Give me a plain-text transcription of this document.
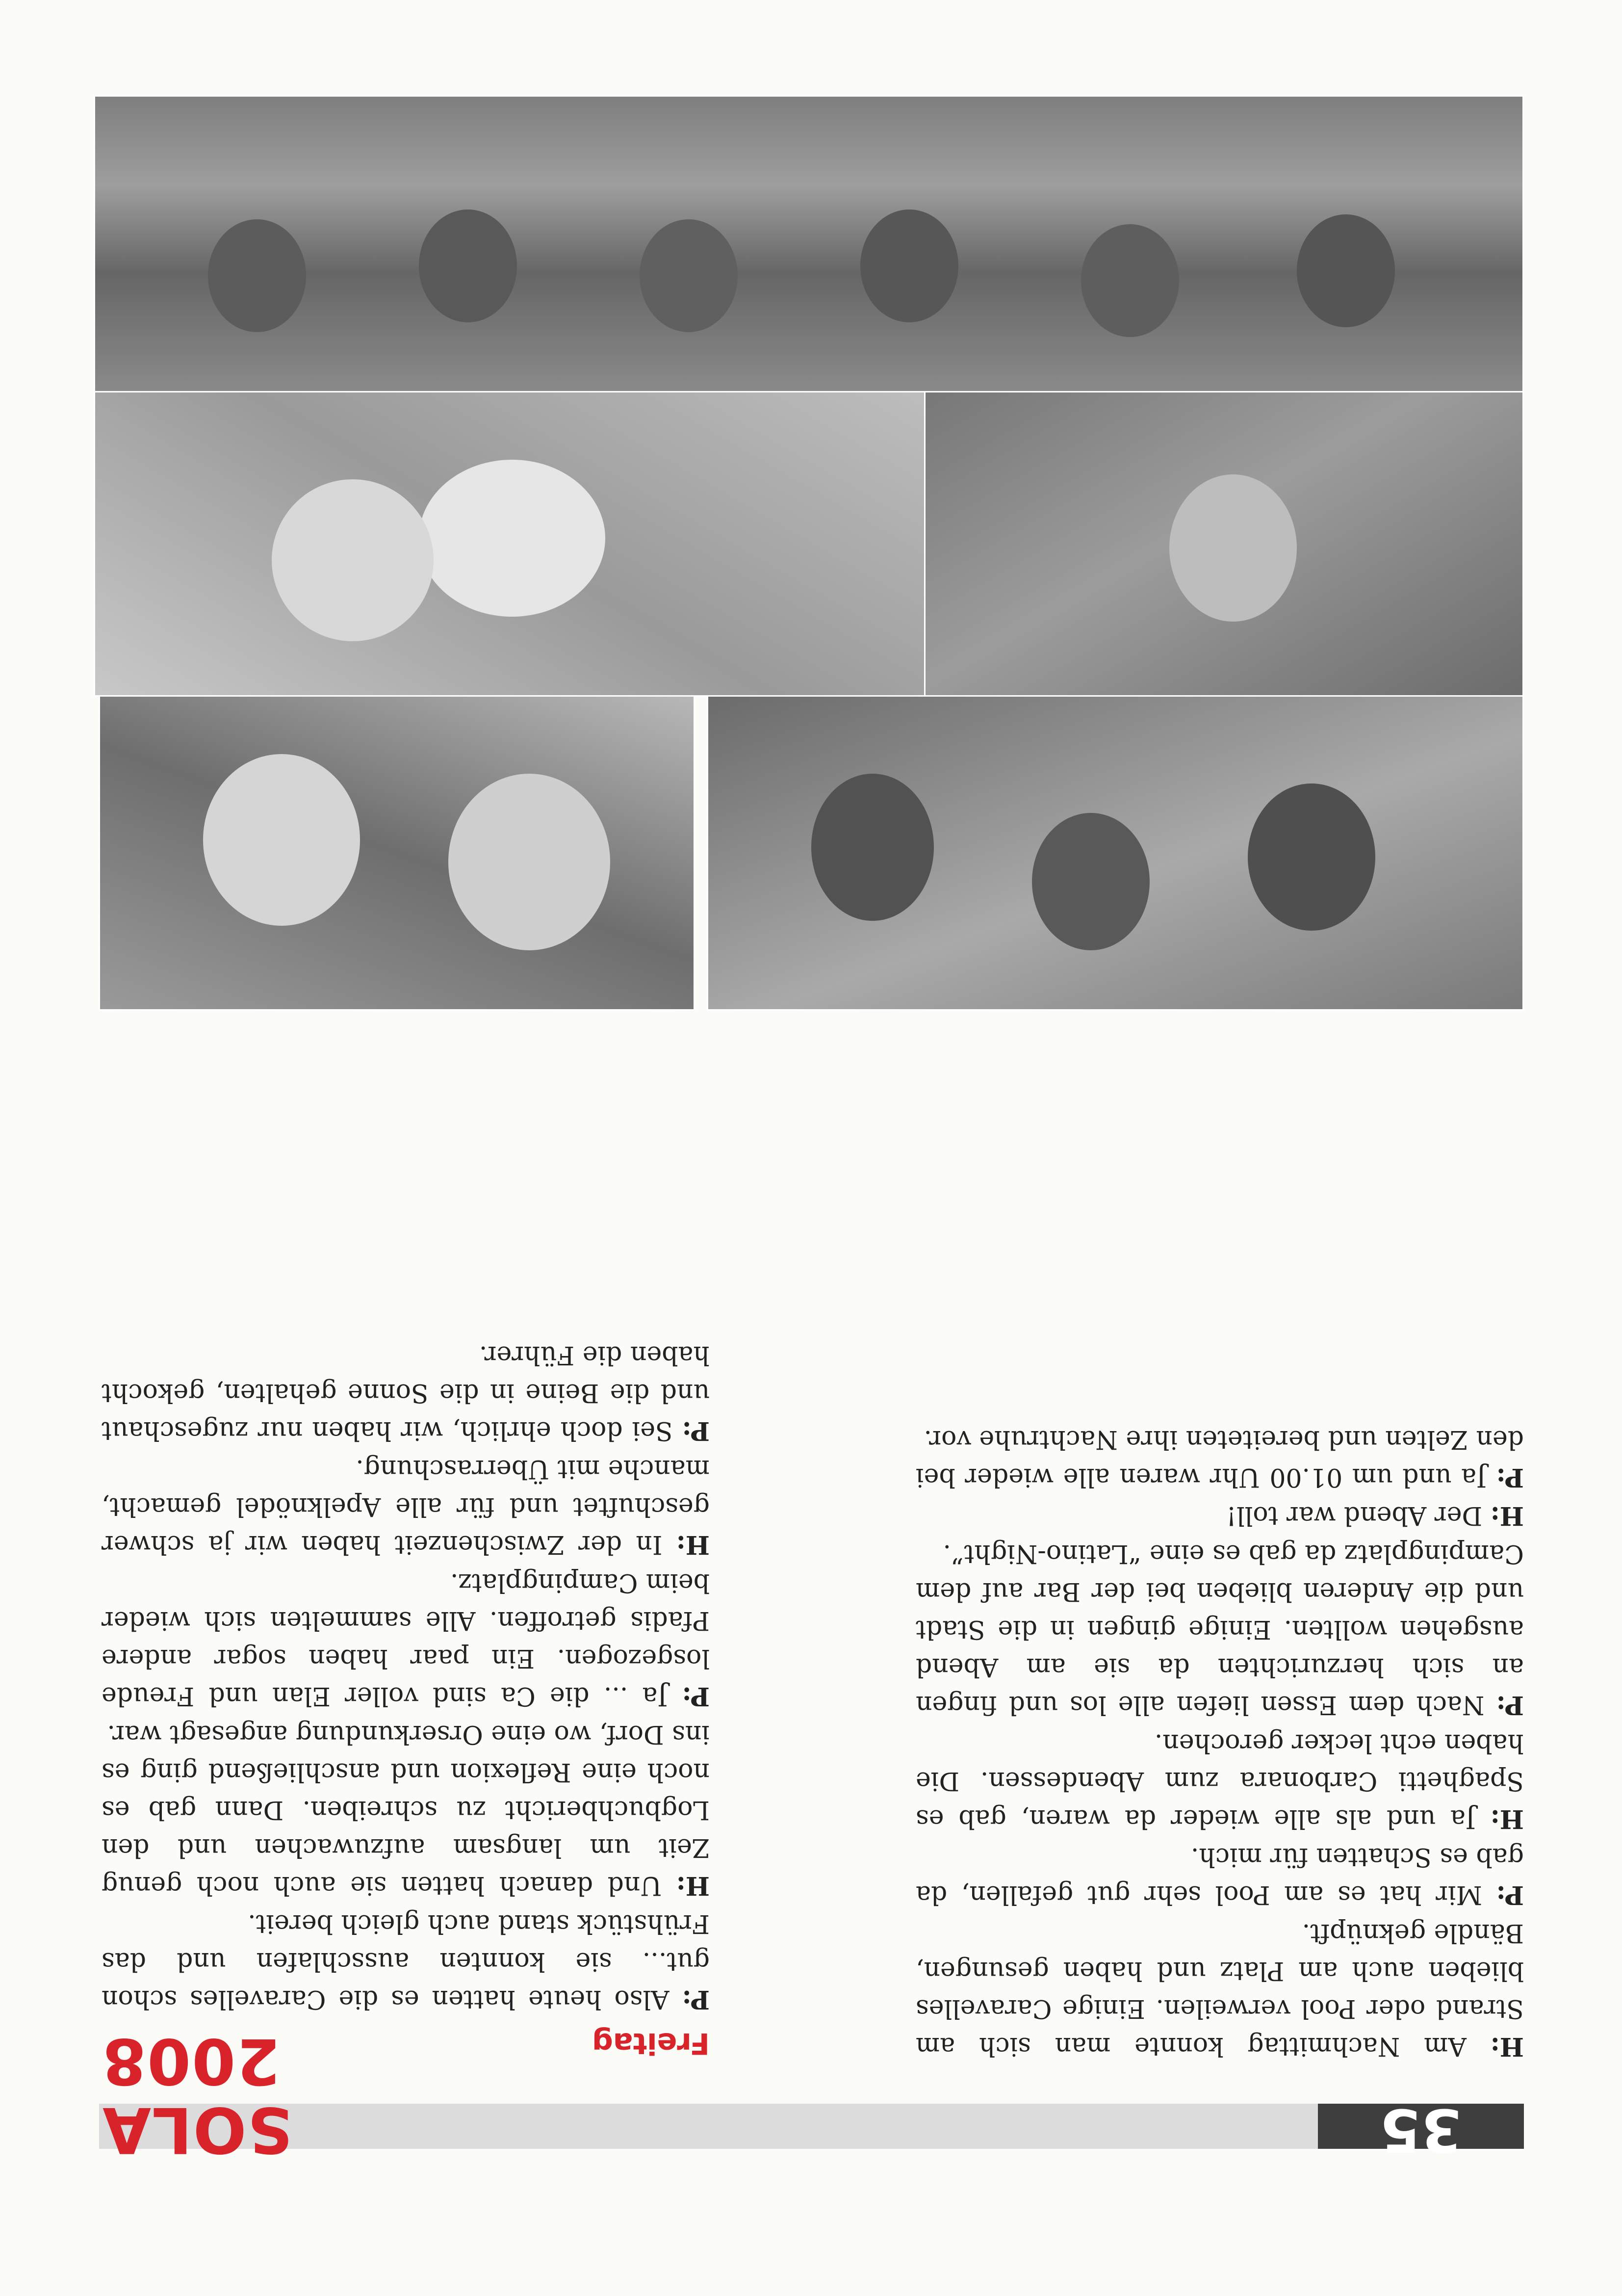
35
SOLA 2008	H: Am Nachmittag konnte man sich am Strand oder Pool verweilen. Einige Caravelles blieben auch am Platz und haben gesungen, Bändle geknüpft.

P: Mir hat es am Pool sehr gut gefallen, da gab es Schatten für mich.

H: Ja und als alle wieder da waren, gab es Spaghetti Carbonara zum Abendessen. Die haben echt lecker gerochen.

P: Nach dem Essen liefen alle los und fingen an sich herzurichten da sie am Abend ausgehen wollten. Einige gingen in die Stadt und die Anderen blieben bei der Bar auf dem Campingplatz da gab es eine “Latino-Night”.

H: Der Abend war toll!

P: Ja und um 01.00 Uhr waren alle wieder bei den Zelten und bereiteten ihre Nachtruhe vor.

Freitag

P: Also heute hatten es die Caravelles schon gut... sie konnten ausschlafen und das Frühstück stand auch gleich bereit.

H: Und danach hatten sie auch noch genug Zeit um langsam aufzuwachen und den Logbuchbericht zu schreiben. Dann gab es noch eine Reflexion und anschließend ging es ins Dorf, wo eine Orserkundung angesagt war.

P: Ja ... die Ca sind voller Elan und Freude losgezogen. Ein paar haben sogar andere Pfadis getroffen. Alle sammelten sich wieder beim Campingplatz.

H: In der Zwischenzeit haben wir ja schwer geschuftet und für alle Apelknödel gemacht, manche mit Überraschung.

P: Sei doch ehrlich, wir haben nur zugeschaut und die Beine in die Sonne gehalten, gekocht haben die Führer.
